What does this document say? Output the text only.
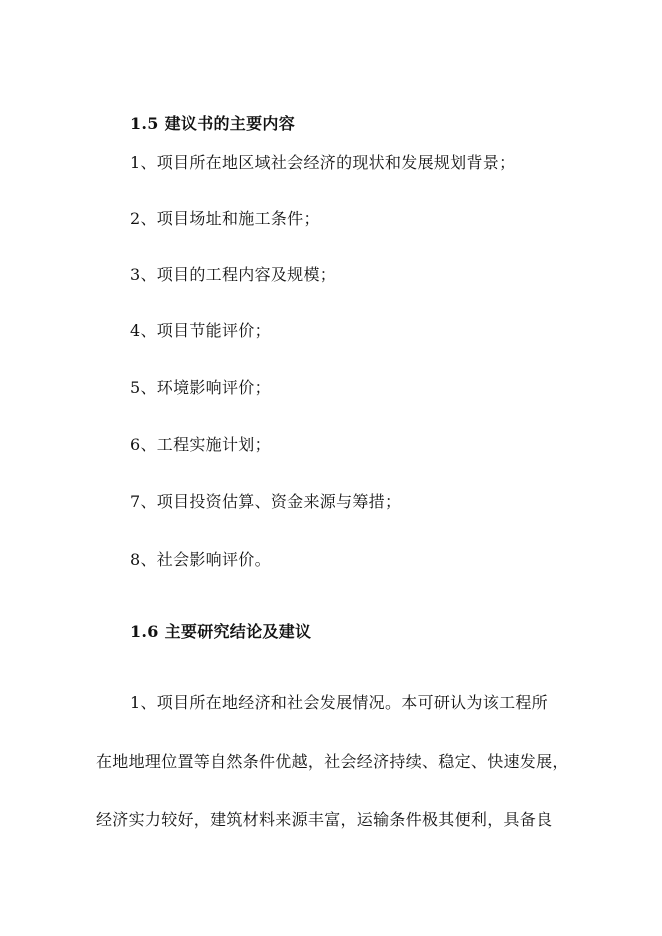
1.5 建议书的主要内容
1、项目所在地区域社会经济的现状和发展规划背景；
2、项目场址和施工条件；
3、项目的工程内容及规模；
4、项目节能评价；
5、环境影响评价；
6、工程实施计划；
7、项目投资估算、资金来源与筹措；
8、社会影响评价。
1.6 主要研究结论及建议
1、项目所在地经济和社会发展情况。本可研认为该工程所
在地地理位置等自然条件优越，社会经济持续、稳定、快速发展，
经济实力较好，建筑材料来源丰富，运输条件极其便利，具备良
